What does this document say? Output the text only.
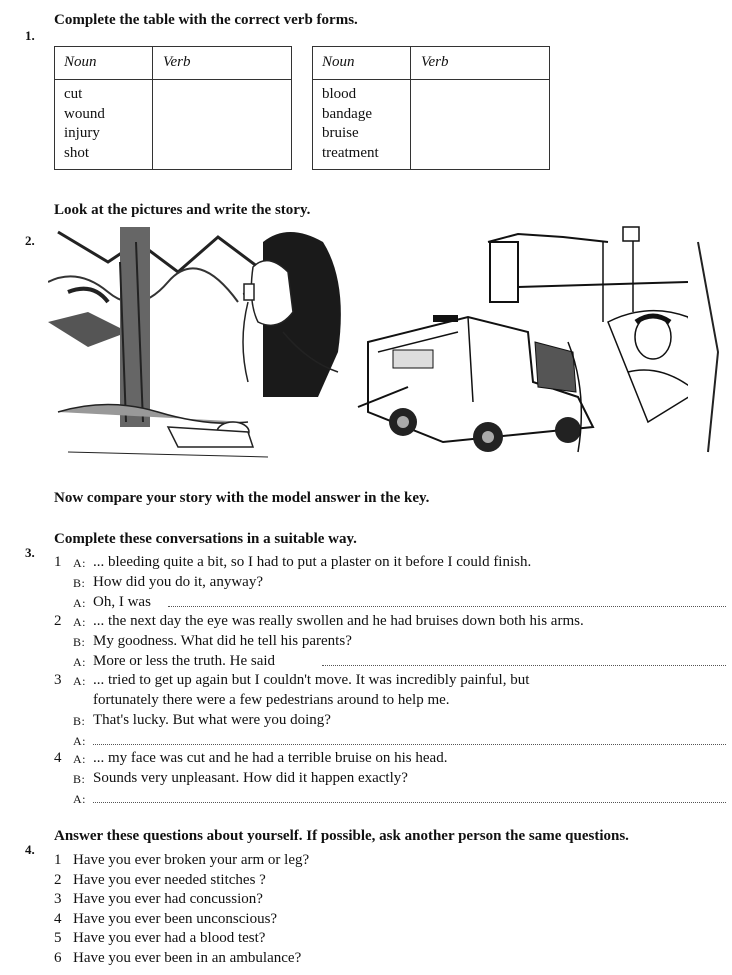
1.
Complete the table with the correct verb forms.
Noun	Verb
cut
wound
injury
shot
Noun	Verb
blood
bandage
bruise
treatment
Look at the pictures and write the story.
2.
Now compare your story with the model answer in the key.
Complete these conversations in a suitable way.
3.
1 A: ... bleeding quite a bit, so I had to put a plaster on it before I could finish.
B: How did you do it, anyway?
A: Oh, I was
2 A: ... the next day the eye was really swollen and he had bruises down both his arms.
B: My goodness. What did he tell his parents?
A: More or less the truth. He said
3 A: ... tried to get up again but I couldn't move. It was incredibly painful, but
fortunately there were a few pedestrians around to help me.
B: That's lucky. But what were you doing?
A:
4 A: ... my face was cut and he had a terrible bruise on his head.
B: Sounds very unpleasant. How did it happen exactly?
A:
Answer these questions about yourself. If possible, ask another person the same questions.
4.
1 Have you ever broken your arm or leg?
2 Have you ever needed stitches ?
3 Have you ever had concussion?
4 Have you ever been unconscious?
5 Have you ever had a blood test?
6 Have you ever been in an ambulance?
